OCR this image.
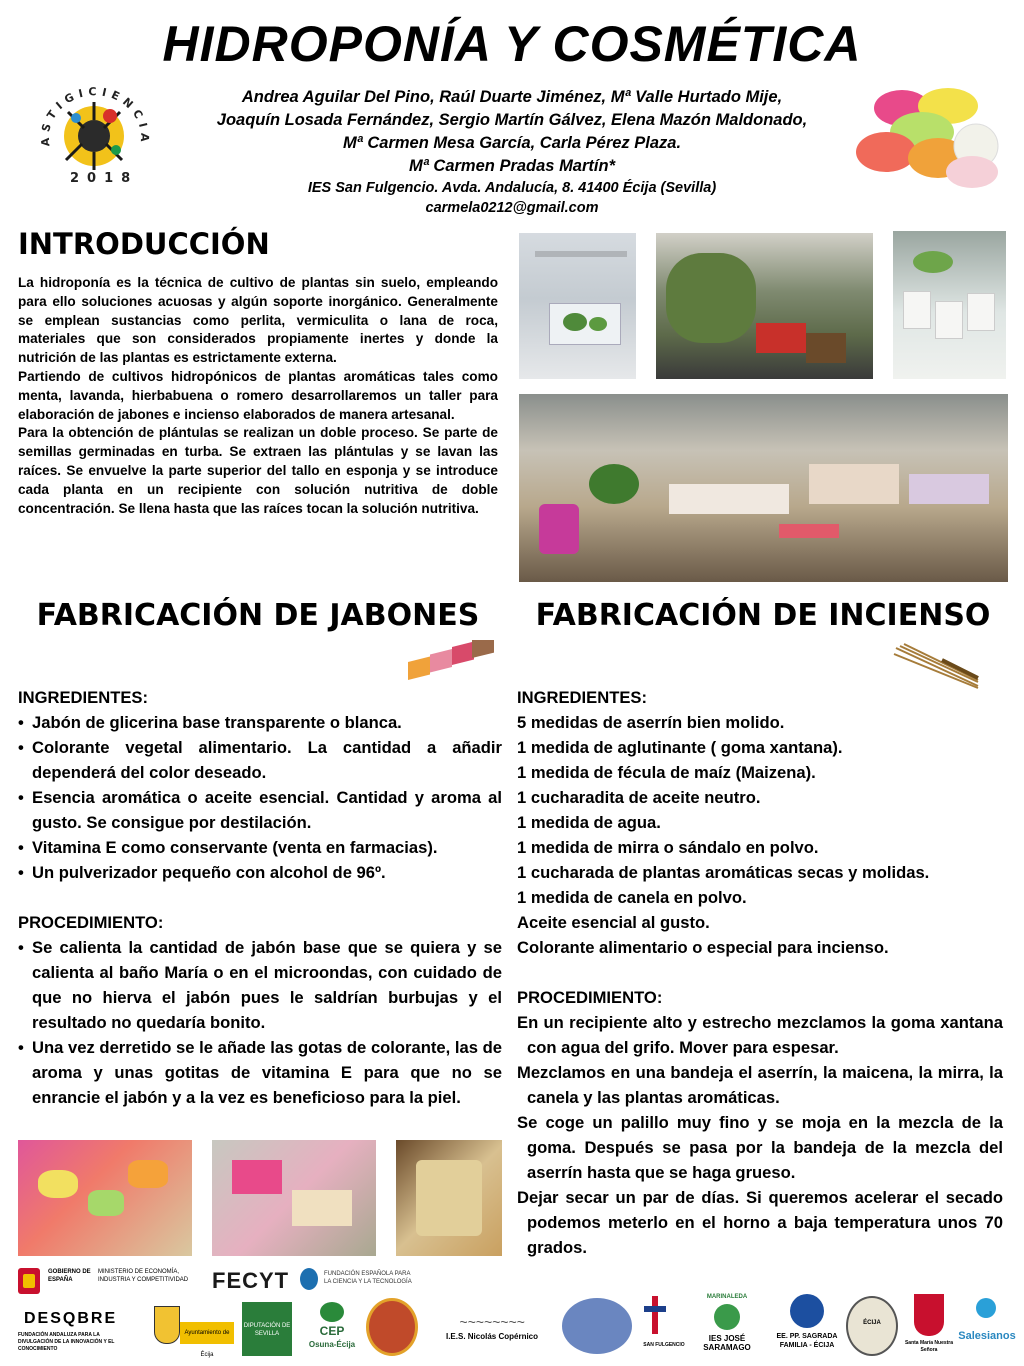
HIDROPONÍA Y COSMÉTICA
Andrea Aguilar Del Pino, Raúl Duarte Jiménez, Mª Valle Hurtado Mije,
Joaquín Losada Fernández, Sergio Martín Gálvez, Elena Mazón Maldonado,
Mª Carmen Mesa García, Carla Pérez Plaza.
Mª Carmen Pradas Martín*
IES San Fulgencio. Avda. Andalucía, 8. 41400 Écija (Sevilla)
carmela0212@gmail.com
ASTIGICIENCIA
2018
INTRODUCCIÓN

La hidroponía es la técnica de cultivo de plantas sin suelo, empleando para ello soluciones acuosas y algún soporte inorgánico. Generalmente se emplean sustancias como perlita, vermiculita o lana de roca, materiales que son considerados propiamente inertes y donde la nutrición de las plantas es estrictamente externa.

Partiendo de cultivos hidropónicos de plantas aromáticas tales como menta, lavanda, hierbabuena o romero desarrollaremos un taller para elaboración de jabones e incienso elaborados de manera artesanal.

Para la obtención de plántulas se realizan un doble proceso. Se parte de semillas germinadas en turba. Se extraen las plántulas y se lavan las raíces. Se envuelve la parte superior del tallo en esponja y se introduce cada planta en un recipiente con solución nutritiva de doble concentración. Se llena hasta que las raíces tocan la solución nutritiva.

FABRICACIÓN DE JABONES

INGREDIENTES:

• Jabón de glicerina base transparente o blanca.

• Colorante vegetal alimentario. La cantidad a añadir dependerá del color deseado.

• Esencia aromática o aceite esencial. Cantidad y aroma al gusto. Se consigue por destilación.

• Vitamina E como conservante (venta en farmacias).

• Un pulverizador pequeño con alcohol de 96º.

PROCEDIMIENTO:

• Se calienta la cantidad de jabón base que se quiera y se calienta al baño María o en el microondas, con cuidado de que no hierva el jabón pues le saldrían burbujas y el resultado no quedaría bonito.

• Una vez derretido se le añade las gotas de colorante, las de aroma y unas gotitas de vitamina E para que no se enrancie el jabón y a la vez es beneficioso para la piel.

FABRICACIÓN DE INCIENSO

INGREDIENTES:

5 medidas de aserrín bien molido.

1 medida de aglutinante ( goma xantana).

1 medida de fécula de maíz (Maizena).

1 cucharadita de aceite neutro.

1 medida de agua.

1 medida de mirra o sándalo en polvo.

1 cucharada de plantas aromáticas secas y molidas.

1 medida de canela en polvo.

Aceite esencial al gusto.

Colorante alimentario o especial para incienso.

PROCEDIMIENTO:

En un recipiente alto y estrecho mezclamos la goma xantana con agua del grifo. Mover para espesar.

Mezclamos en una bandeja el aserrín, la maicena, la mirra, la canela y las plantas aromáticas.

Se coge un palillo muy fino y se moja en la mezcla de la goma. Después se pasa por la bandeja de la mezcla del aserrín hasta que se haga grueso.

Dejar secar un par de días. Si queremos acelerar el secado podemos meterlo en el horno a baja temperatura unos 70 grados.

GOBIERNO DE ESPAÑA
MINISTERIO DE ECONOMÍA, INDUSTRIA Y COMPETITIVIDAD	FECYT	FUNDACIÓN ESPAÑOLA PARA LA CIENCIA Y LA TECNOLOGÍA
DESQBRE
FUNDACIÓN ANDALUZA PARA LA DIVULGACIÓN DE LA INNOVACIÓN Y EL CONOCIMIENTO
Ayuntamiento de Écija
DIPUTACIÓN DE SEVILLA	CEP
Osuna-Écija
~~~~~~~~
I.E.S. Nicolás Copérnico
SAN FULGENCIO
MARINALEDA
IES JOSÉ SARAMAGO
EE. PP. SAGRADA FAMILIA - ÉCIJA
ÉCIJA
Santa María Nuestra Señora
Salesianos
